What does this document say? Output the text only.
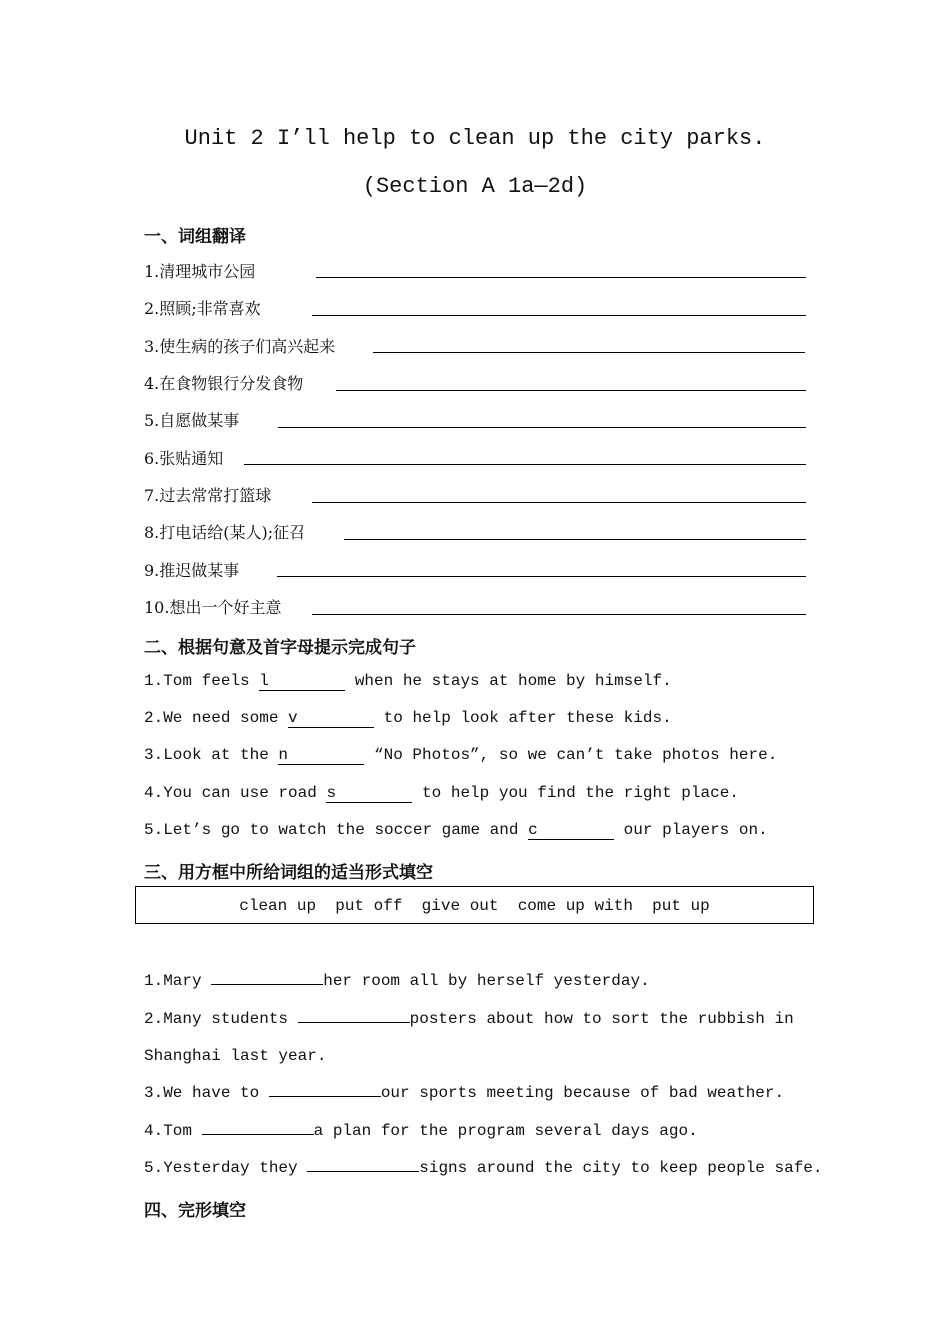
Unit 2 I’ll help to clean up the city parks.
(Section A 1a—2d)
一、词组翻译
1.清理城市公园
2.照顾;非常喜欢
3.使生病的孩子们高兴起来
4.在食物银行分发食物
5.自愿做某事
6.张贴通知
7.过去常常打篮球
8.打电话给(某人);征召
9.推迟做某事
10.想出一个好主意
二、根据句意及首字母提示完成句子
1.Tom feels l	when he stays at home by himself.
2.We need some v	to help look after these kids.
3.Look at the n	“No Photos”, so we can’t take photos here.
4.You can use road s	to help you find the right place.
5.Let’s go to watch the soccer game and c	our players on.
三、用方框中所给词组的适当形式填空
clean up  put off  give out  come up with  put up
1.Mary	her room all by herself yesterday.
2.Many students	posters about how to sort the rubbish in
Shanghai last year.
3.We have to	our sports meeting because of bad weather.
4.Tom	a plan for the program several days ago.
5.Yesterday they	signs around the city to keep people safe.
四、完形填空
